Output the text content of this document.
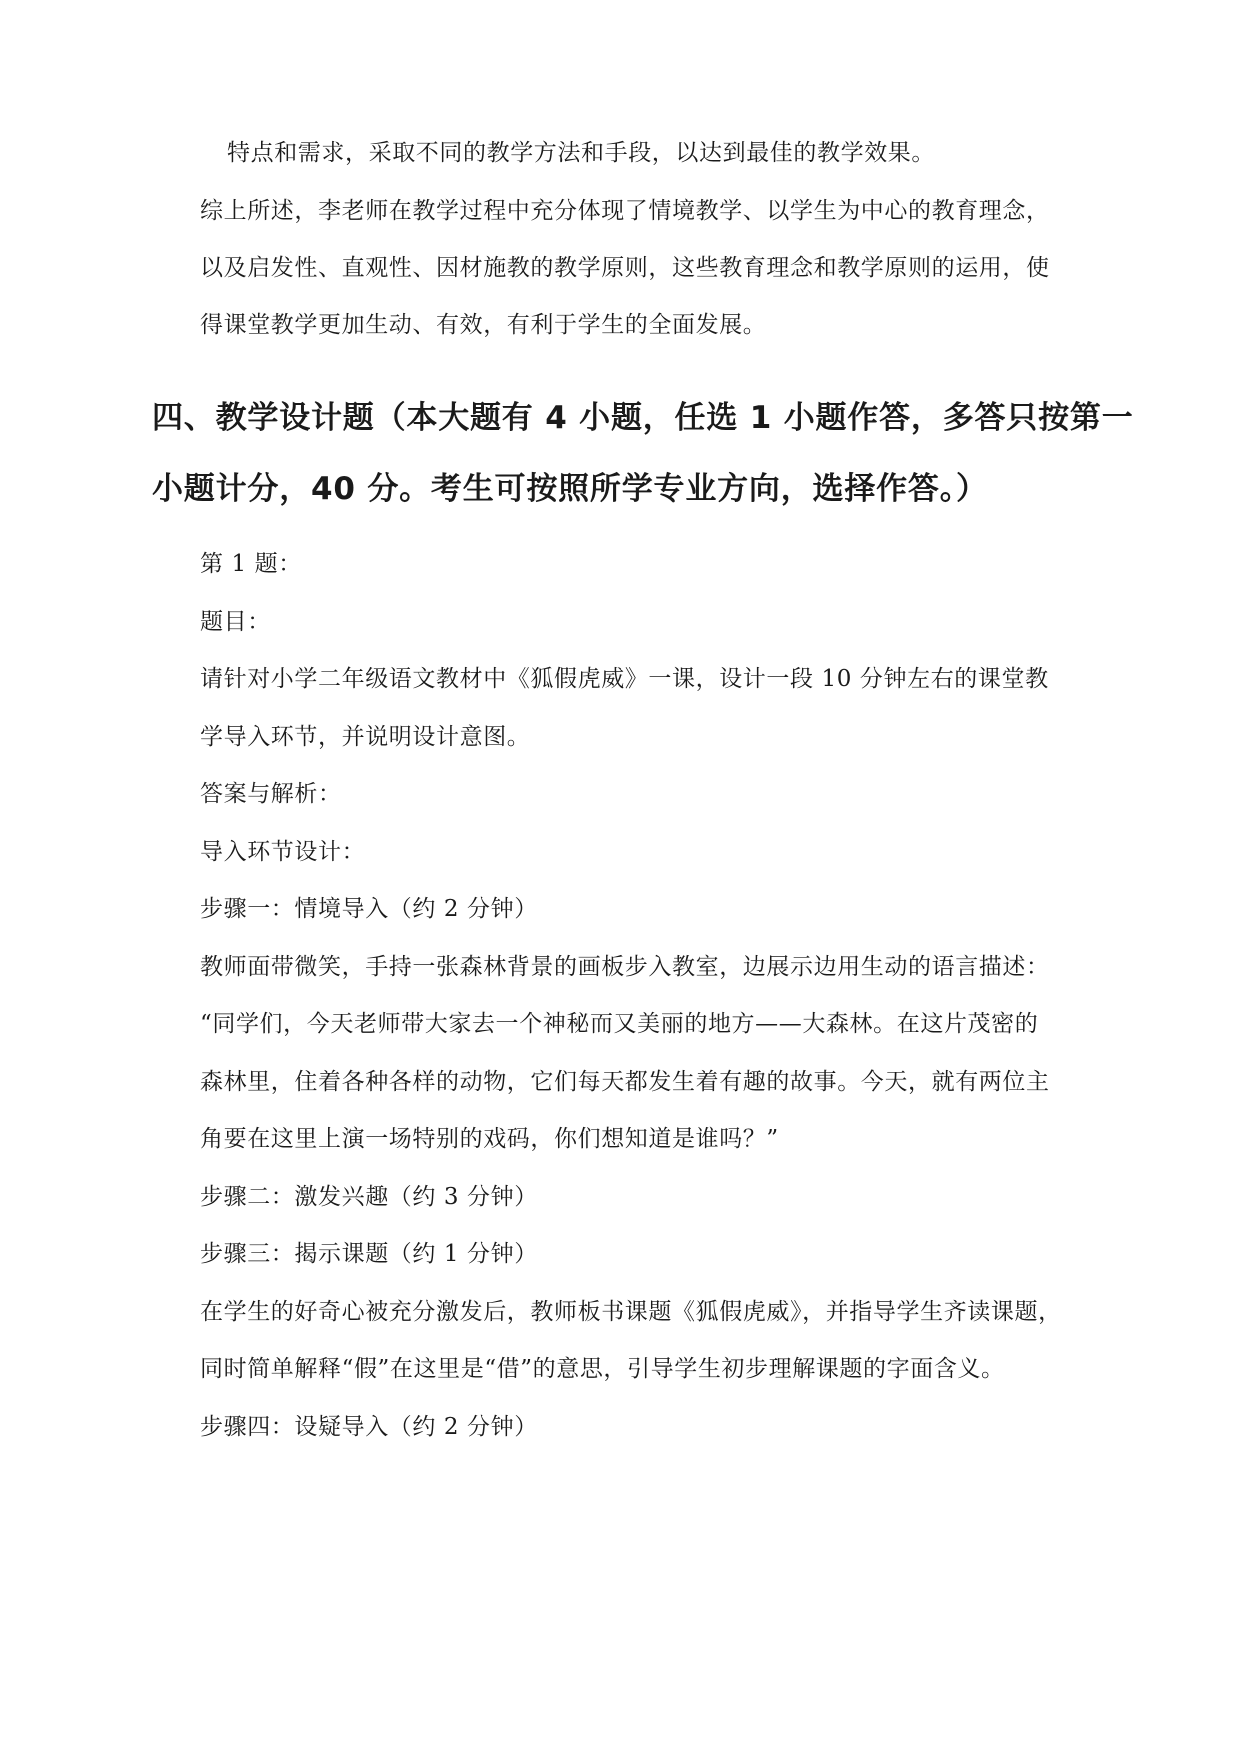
特点和需求，采取不同的教学方法和手段，以达到最佳的教学效果。
综上所述，李老师在教学过程中充分体现了情境教学、以学生为中心的教育理念，
以及启发性、直观性、因材施教的教学原则，这些教育理念和教学原则的运用，使
得课堂教学更加生动、有效，有利于学生的全面发展。
四、教学设计题（本大题有 4 小题，任选 1 小题作答，多答只按第一
小题计分，40 分。考生可按照所学专业方向，选择作答。）
第 1 题：
题目：
请针对小学二年级语文教材中《狐假虎威》一课，设计一段 10 分钟左右的课堂教
学导入环节，并说明设计意图。
答案与解析：
导入环节设计：
步骤一：情境导入（约 2 分钟）
教师面带微笑，手持一张森林背景的画板步入教室，边展示边用生动的语言描述：
“同学们，今天老师带大家去一个神秘而又美丽的地方——大森林。在这片茂密的
森林里，住着各种各样的动物，它们每天都发生着有趣的故事。今天，就有两位主
角要在这里上演一场特别的戏码，你们想知道是谁吗？”
步骤二：激发兴趣（约 3 分钟）
步骤三：揭示课题（约 1 分钟）
在学生的好奇心被充分激发后，教师板书课题《狐假虎威》，并指导学生齐读课题，
同时简单解释“假”在这里是“借”的意思，引导学生初步理解课题的字面含义。
步骤四：设疑导入（约 2 分钟）
